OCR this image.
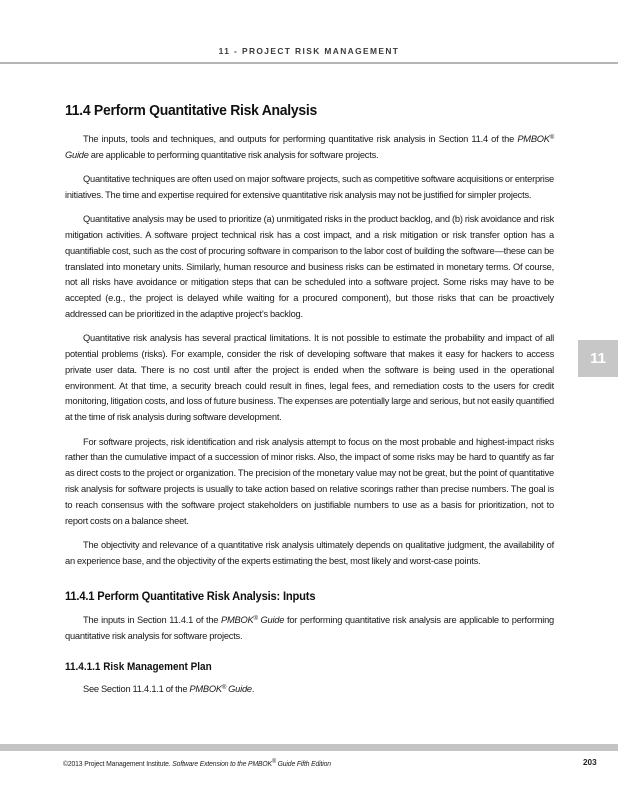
11 - PROJECT RISK MANAGEMENT
11
11.4 Perform Quantitative Risk Analysis

The inputs, tools and techniques, and outputs for performing quantitative risk analysis in Section 11.4 of the PMBOK® Guide are applicable to performing quantitative risk analysis for software projects.

Quantitative techniques are often used on major software projects, such as competitive software acquisitions or enterprise initiatives. The time and expertise required for extensive quantitative risk analysis may not be justified for simpler projects.

Quantitative analysis may be used to prioritize (a) unmitigated risks in the product backlog, and (b) risk avoidance and risk mitigation activities. A software project technical risk has a cost impact, and a risk mitigation or risk transfer option has a quantifiable cost, such as the cost of procuring software in comparison to the labor cost of building the software—these can be translated into monetary units. Similarly, human resource and business risks can be estimated in monetary terms. Of course, not all risks have avoidance or mitigation steps that can be scheduled into a software project. Some risks may have to be accepted (e.g., the project is delayed while waiting for a procured component), but those risks that can be proactively addressed can be prioritized in the adaptive project’s backlog.

Quantitative risk analysis has several practical limitations. It is not possible to estimate the probability and impact of all potential problems (risks). For example, consider the risk of developing software that makes it easy for hackers to access private user data. There is no cost until after the project is ended when the software is being used in the operational environment. At that time, a security breach could result in fines, legal fees, and remediation costs to the users for credit monitoring, litigation costs, and loss of future business. The expenses are potentially large and serious, but not easily quantified at the time of risk analysis during software development.

For software projects, risk identification and risk analysis attempt to focus on the most probable and highest-impact risks rather than the cumulative impact of a succession of minor risks. Also, the impact of some risks may be hard to quantify as far as direct costs to the project or organization. The precision of the monetary value may not be great, but the point of quantitative risk analysis for software projects is usually to take action based on relative scorings rather than precise numbers. The goal is to reach consensus with the software project stakeholders on justifiable numbers to use as a basis for prioritization, not to report costs on a balance sheet.

The objectivity and relevance of a quantitative risk analysis ultimately depends on qualitative judgment, the availability of an experience base, and the objectivity of the experts estimating the best, most likely and worst-case points.

11.4.1 Perform Quantitative Risk Analysis: Inputs

The inputs in Section 11.4.1 of the PMBOK® Guide for performing quantitative risk analysis are applicable to performing quantitative risk analysis for software projects.

11.4.1.1 Risk Management Plan

See Section 11.4.1.1 of the PMBOK® Guide.

©2013 Project Management Institute. Software Extension to the PMBOK® Guide Fifth Edition	203
